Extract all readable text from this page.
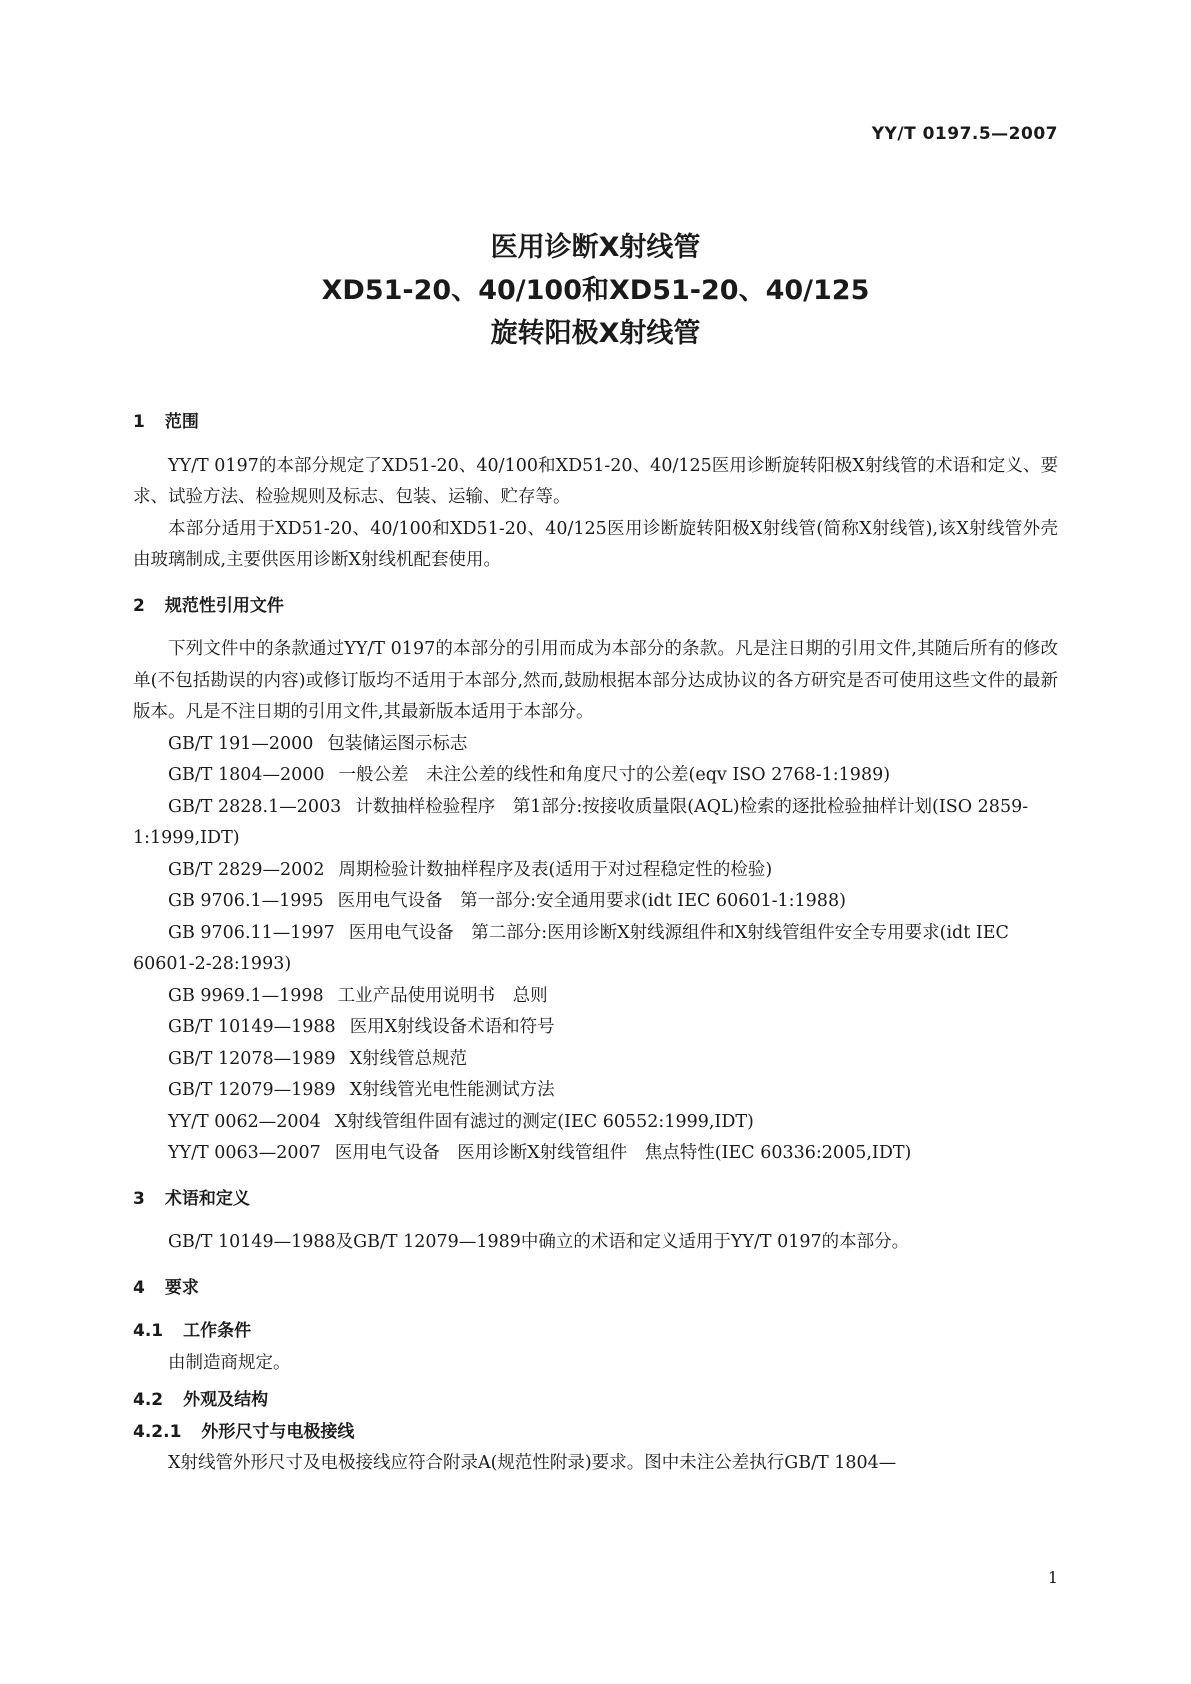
YY/T 0197.5—2007
医用诊断X射线管
XD51-20、40/100和XD51-20、40/125
旋转阳极X射线管
1 范围

YY/T 0197的本部分规定了XD51-20、40/100和XD51-20、40/125医用诊断旋转阳极X射线管的术语和定义、要求、试验方法、检验规则及标志、包装、运输、贮存等。

本部分适用于XD51-20、40/100和XD51-20、40/125医用诊断旋转阳极X射线管(简称X射线管),该X射线管外壳由玻璃制成,主要供医用诊断X射线机配套使用。

2 规范性引用文件

下列文件中的条款通过YY/T 0197的本部分的引用而成为本部分的条款。凡是注日期的引用文件,其随后所有的修改单(不包括勘误的内容)或修订版均不适用于本部分,然而,鼓励根据本部分达成协议的各方研究是否可使用这些文件的最新版本。凡是不注日期的引用文件,其最新版本适用于本部分。

GB/T 191—2000 包装储运图示标志

GB/T 1804—2000 一般公差　未注公差的线性和角度尺寸的公差(eqv ISO 2768-1:1989)

GB/T 2828.1—2003 计数抽样检验程序　第1部分:按接收质量限(AQL)检索的逐批检验抽样计划(ISO 2859-1:1999,IDT)

GB/T 2829—2002 周期检验计数抽样程序及表(适用于对过程稳定性的检验)

GB 9706.1—1995 医用电气设备　第一部分:安全通用要求(idt IEC 60601-1:1988)

GB 9706.11—1997 医用电气设备　第二部分:医用诊断X射线源组件和X射线管组件安全专用要求(idt IEC 60601-2-28:1993)

GB 9969.1—1998 工业产品使用说明书　总则

GB/T 10149—1988 医用X射线设备术语和符号

GB/T 12078—1989 X射线管总规范

GB/T 12079—1989 X射线管光电性能测试方法

YY/T 0062—2004 X射线管组件固有滤过的测定(IEC 60552:1999,IDT)

YY/T 0063—2007 医用电气设备　医用诊断X射线管组件　焦点特性(IEC 60336:2005,IDT)

3 术语和定义

GB/T 10149—1988及GB/T 12079—1989中确立的术语和定义适用于YY/T 0197的本部分。

4 要求
4.1 工作条件

由制造商规定。

4.2 外观及结构
4.2.1 外形尺寸与电极接线

X射线管外形尺寸及电极接线应符合附录A(规范性附录)要求。图中未注公差执行GB/T 1804—

1
